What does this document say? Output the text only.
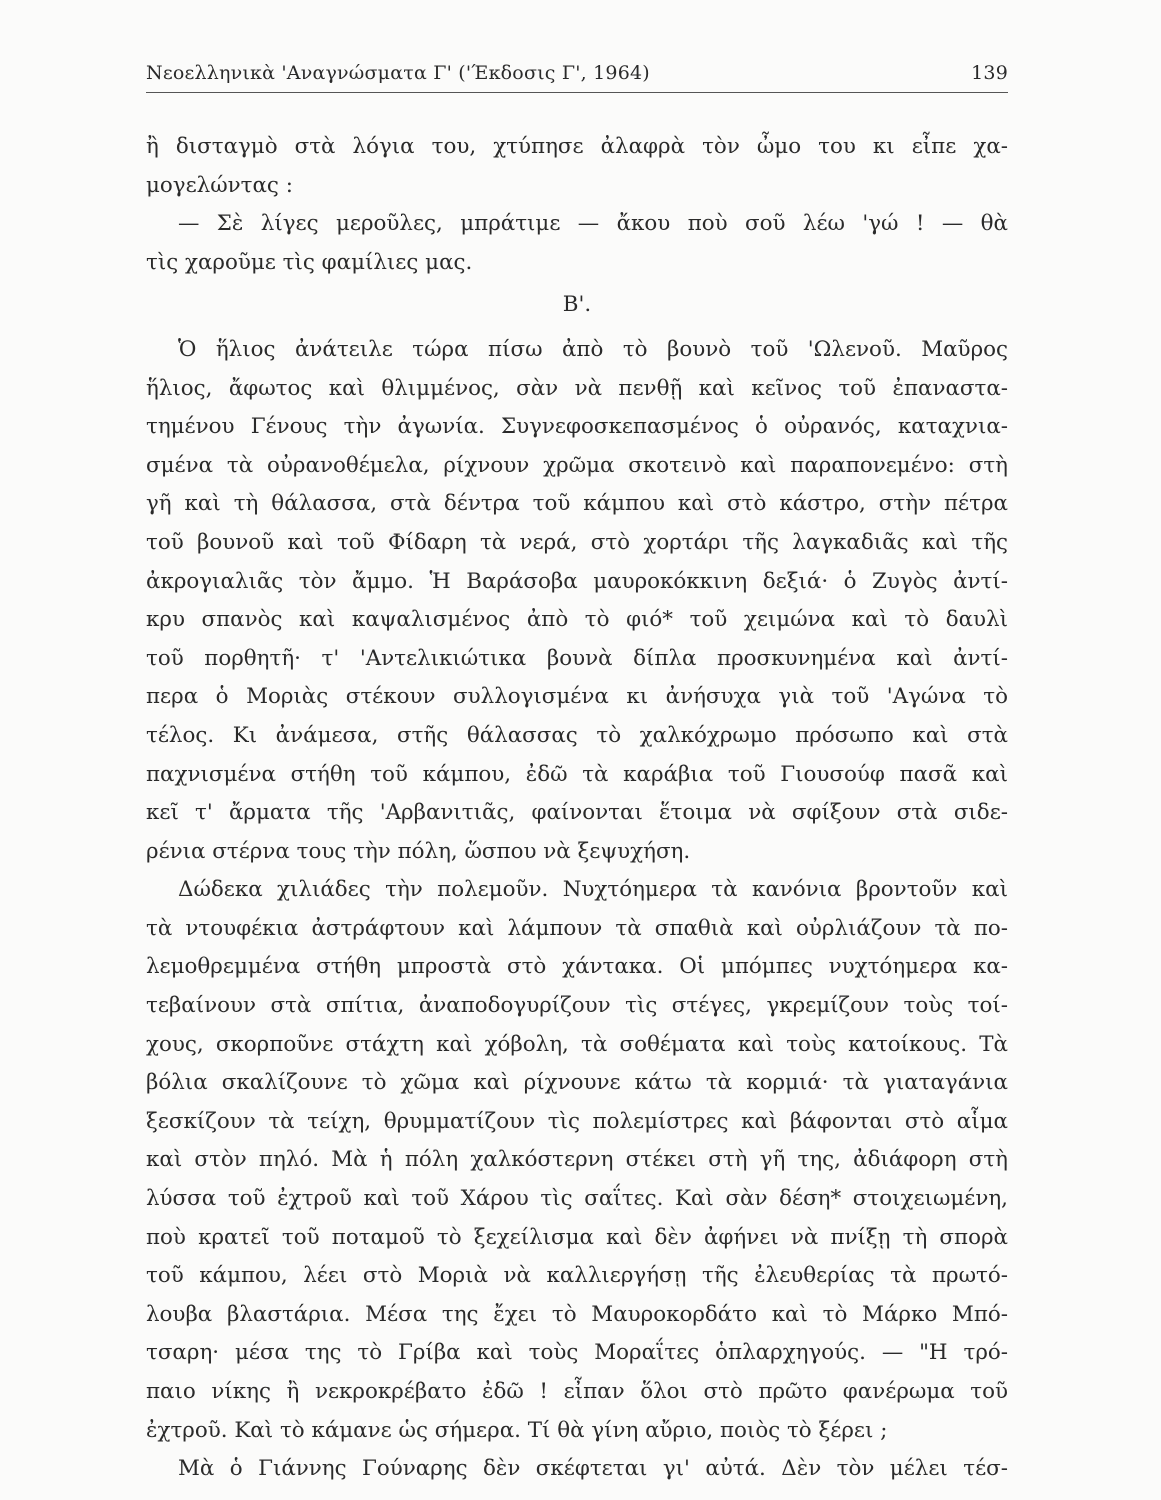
Νεοελληνικὰ 'Αναγνώσματα Γ' ('Έκδοσις Γ', 1964)	139
ἢ δισταγμὸ στὰ λόγια του, χτύπησε ἀλαφρὰ τὸν ὦμο του κι εἶπε χα-
μογελώντας :
— Σὲ λίγες μεροῦλες, μπράτιμε — ἄκου ποὺ σοῦ λέω 'γώ ! — θὰ
τὶς χαροῦμε τὶς φαμίλιες μας.
Β'.
Ὁ ἥλιος ἀνάτειλε τώρα πίσω ἀπὸ τὸ βουνὸ τοῦ 'Ωλενοῦ. Μαῦρος
ἥλιος, ἄφωτος καὶ θλιμμένος, σὰν νὰ πενθῇ καὶ κεῖνος τοῦ ἐπαναστα-
τημένου Γένους τὴν ἀγωνία. Συγνεφοσκεπασμένος ὁ οὐρανός, καταχνια-
σμένα τὰ οὐρανοθέμελα, ρίχνουν χρῶμα σκοτεινὸ καὶ παραπονεμένο: στὴ
γῆ καὶ τὴ θάλασσα, στὰ δέντρα τοῦ κάμπου καὶ στὸ κάστρο, στὴν πέτρα
τοῦ βουνοῦ καὶ τοῦ Φίδαρη τὰ νερά, στὸ χορτάρι τῆς λαγκαδιᾶς καὶ τῆς
ἀκρογιαλιᾶς τὸν ἄμμο. Ἡ Βαράσοβα μαυροκόκκινη δεξιά· ὁ Ζυγὸς ἀντί-
κρυ σπανὸς καὶ καψαλισμένος ἀπὸ τὸ φιό* τοῦ χειμώνα καὶ τὸ δαυλὶ
τοῦ πορθητῆ· τ' 'Αντελικιώτικα βουνὰ δίπλα προσκυνημένα καὶ ἀντί-
περα ὁ Μοριὰς στέκουν συλλογισμένα κι ἀνήσυχα γιὰ τοῦ 'Αγώνα τὸ
τέλος. Κι ἀνάμεσα, στῆς θάλασσας τὸ χαλκόχρωμο πρόσωπο καὶ στὰ
παχνισμένα στήθη τοῦ κάμπου, ἐδῶ τὰ καράβια τοῦ Γιουσούφ πασᾶ καὶ
κεῖ τ' ἄρματα τῆς 'Αρβανιτιᾶς, φαίνονται ἕτοιμα νὰ σφίξουν στὰ σιδε-
ρένια στέρνα τους τὴν πόλη, ὥσπου νὰ ξεψυχήση.
Δώδεκα χιλιάδες τὴν πολεμοῦν. Νυχτόημερα τὰ κανόνια βροντοῦν καὶ
τὰ ντουφέκια ἀστράφτουν καὶ λάμπουν τὰ σπαθιὰ καὶ οὐρλιάζουν τὰ πο-
λεμοθρεμμένα στήθη μπροστὰ στὸ χάντακα. Οἱ μπόμπες νυχτόημερα κα-
τεβαίνουν στὰ σπίτια, ἀναποδογυρίζουν τὶς στέγες, γκρεμίζουν τοὺς τοί-
χους, σκορποῦνε στάχτη καὶ χόβολη, τὰ σοθέματα καὶ τοὺς κατοίκους. Τὰ
βόλια σκαλίζουνε τὸ χῶμα καὶ ρίχνουνε κάτω τὰ κορμιά· τὰ γιαταγάνια
ξεσκίζουν τὰ τείχη, θρυμματίζουν τὶς πολεμίστρες καὶ βάφονται στὸ αἷμα
καὶ στὸν πηλό. Μὰ ἡ πόλη χαλκόστερνη στέκει στὴ γῆ της, ἀδιάφορη στὴ
λύσσα τοῦ ἐχτροῦ καὶ τοῦ Χάρου τὶς σαΐτες. Καὶ σὰν δέση* στοιχειωμένη,
ποὺ κρατεῖ τοῦ ποταμοῦ τὸ ξεχείλισμα καὶ δὲν ἀφήνει νὰ πνίξῃ τὴ σπορὰ
τοῦ κάμπου, λέει στὸ Μοριὰ νὰ καλλιεργήσῃ τῆς ἐλευθερίας τὰ πρωτό-
λουβα βλαστάρια. Μέσα της ἔχει τὸ Μαυροκορδάτο καὶ τὸ Μάρκο Μπό-
τσαρη· μέσα της τὸ Γρίβα καὶ τοὺς Μοραΐτες ὁπλαρχηγούς. — "Η τρό-
παιο νίκης ἢ νεκροκρέβατο ἐδῶ ! εἶπαν ὅλοι στὸ πρῶτο φανέρωμα τοῦ
ἐχτροῦ. Καὶ τὸ κάμανε ὡς σήμερα. Τί θὰ γίνη αὔριο, ποιὸς τὸ ξέρει ;
Μὰ ὁ Γιάννης Γούναρης δὲν σκέφτεται γι' αὐτά. Δὲν τὸν μέλει τέσ-
